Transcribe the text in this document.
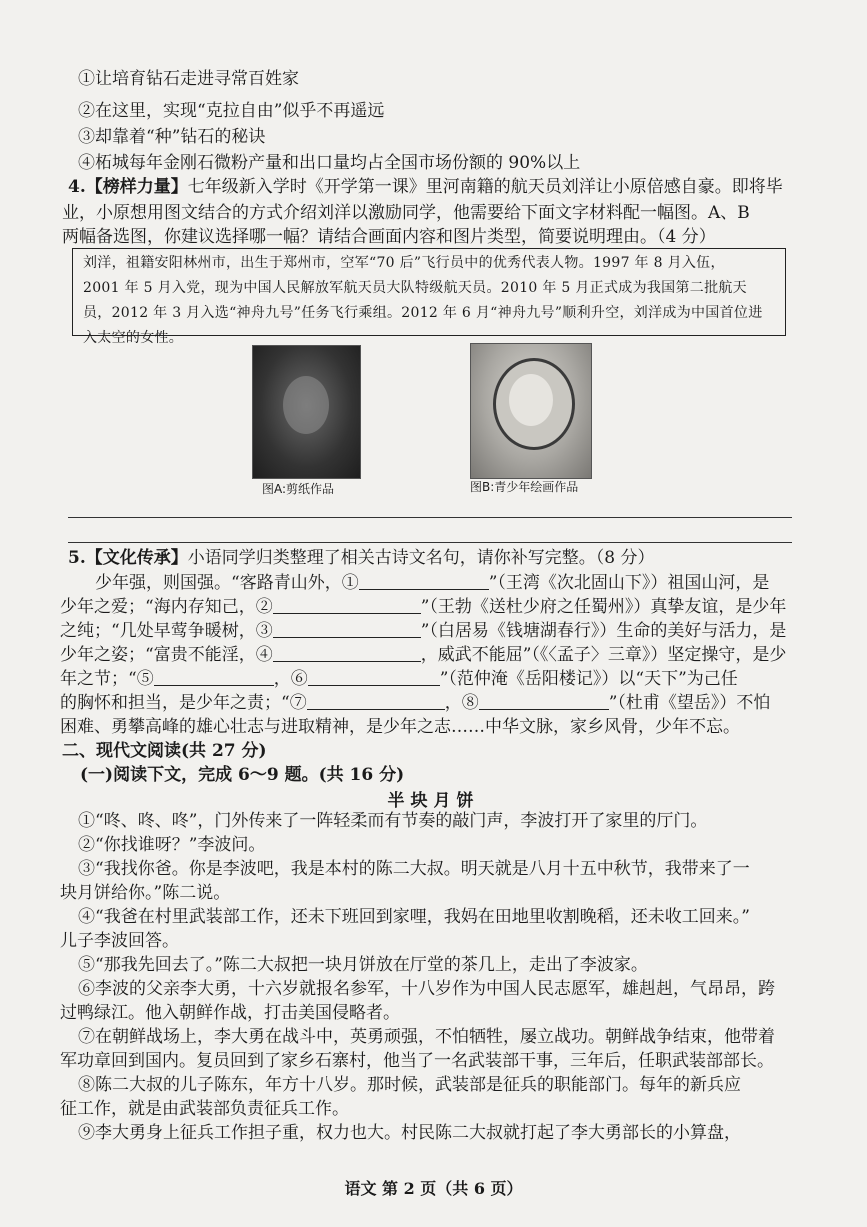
①让培育钻石走进寻常百姓家
②在这里，实现“克拉自由”似乎不再遥远
③却靠着“种”钻石的秘诀
④柘城每年金刚石微粉产量和出口量均占全国市场份额的 90%以上
4.【榜样力量】七年级新入学时《开学第一课》里河南籍的航天员刘洋让小原倍感自豪。即将毕
业，小原想用图文结合的方式介绍刘洋以激励同学，他需要给下面文字材料配一幅图。A、B
两幅备选图，你建议选择哪一幅？请结合画面内容和图片类型，简要说明理由。（4 分）
刘洋，祖籍安阳林州市，出生于郑州市，空军“70 后”飞行员中的优秀代表人物。1997 年 8 月入伍，
2001 年 5 月入党，现为中国人民解放军航天员大队特级航天员。2010 年 5 月正式成为我国第二批航天
员，2012 年 3 月入选“神舟九号”任务飞行乘组。2012 年 6 月“神舟九号”顺利升空，刘洋成为中国首位进
入太空的女性。
图A:剪纸作品	图B:青少年绘画作品
5.【文化传承】小语同学归类整理了相关古诗文名句，请你补写完整。（8 分）
少年强，则国强。“客路青山外，①	”（王湾《次北固山下》）祖国山河，是
少年之爱；“海内存知己，②	”（王勃《送杜少府之任蜀州》）真挚友谊，是少年
之纯；“几处早莺争暖树，③	”（白居易《钱塘湖春行》）生命的美好与活力，是
少年之姿；“富贵不能淫，④	，威武不能屈”（《〈孟子〉三章》）坚定操守，是少
年之节；“⑤	，⑥	”（范仲淹《岳阳楼记》）以“天下”为己任
的胸怀和担当，是少年之责；“⑦	，⑧	”（杜甫《望岳》）不怕
困难、勇攀高峰的雄心壮志与进取精神，是少年之志……中华文脉，家乡风骨，少年不忘。
二、现代文阅读(共 27 分)
(一)阅读下文，完成 6～9 题。(共 16 分)
半块月饼
①“咚、咚、咚”，门外传来了一阵轻柔而有节奏的敲门声，李波打开了家里的厅门。
②“你找谁呀？”李波问。
③“我找你爸。你是李波吧，我是本村的陈二大叔。明天就是八月十五中秋节，我带来了一
块月饼给你。”陈二说。
④“我爸在村里武装部工作，还未下班回到家哩，我妈在田地里收割晚稻，还未收工回来。”
儿子李波回答。
⑤“那我先回去了。”陈二大叔把一块月饼放在厅堂的茶几上，走出了李波家。
⑥李波的父亲李大勇，十六岁就报名参军，十八岁作为中国人民志愿军，雄赳赳，气昂昂，跨
过鸭绿江。他入朝鲜作战，打击美国侵略者。
⑦在朝鲜战场上，李大勇在战斗中，英勇顽强，不怕牺牲，屡立战功。朝鲜战争结束，他带着
军功章回到国内。复员回到了家乡石寨村，他当了一名武装部干事，三年后，任职武装部部长。
⑧陈二大叔的儿子陈东，年方十八岁。那时候，武装部是征兵的职能部门。每年的新兵应
征工作，就是由武装部负责征兵工作。
⑨李大勇身上征兵工作担子重，权力也大。村民陈二大叔就打起了李大勇部长的小算盘，
语文 第 2 页（共 6 页）
